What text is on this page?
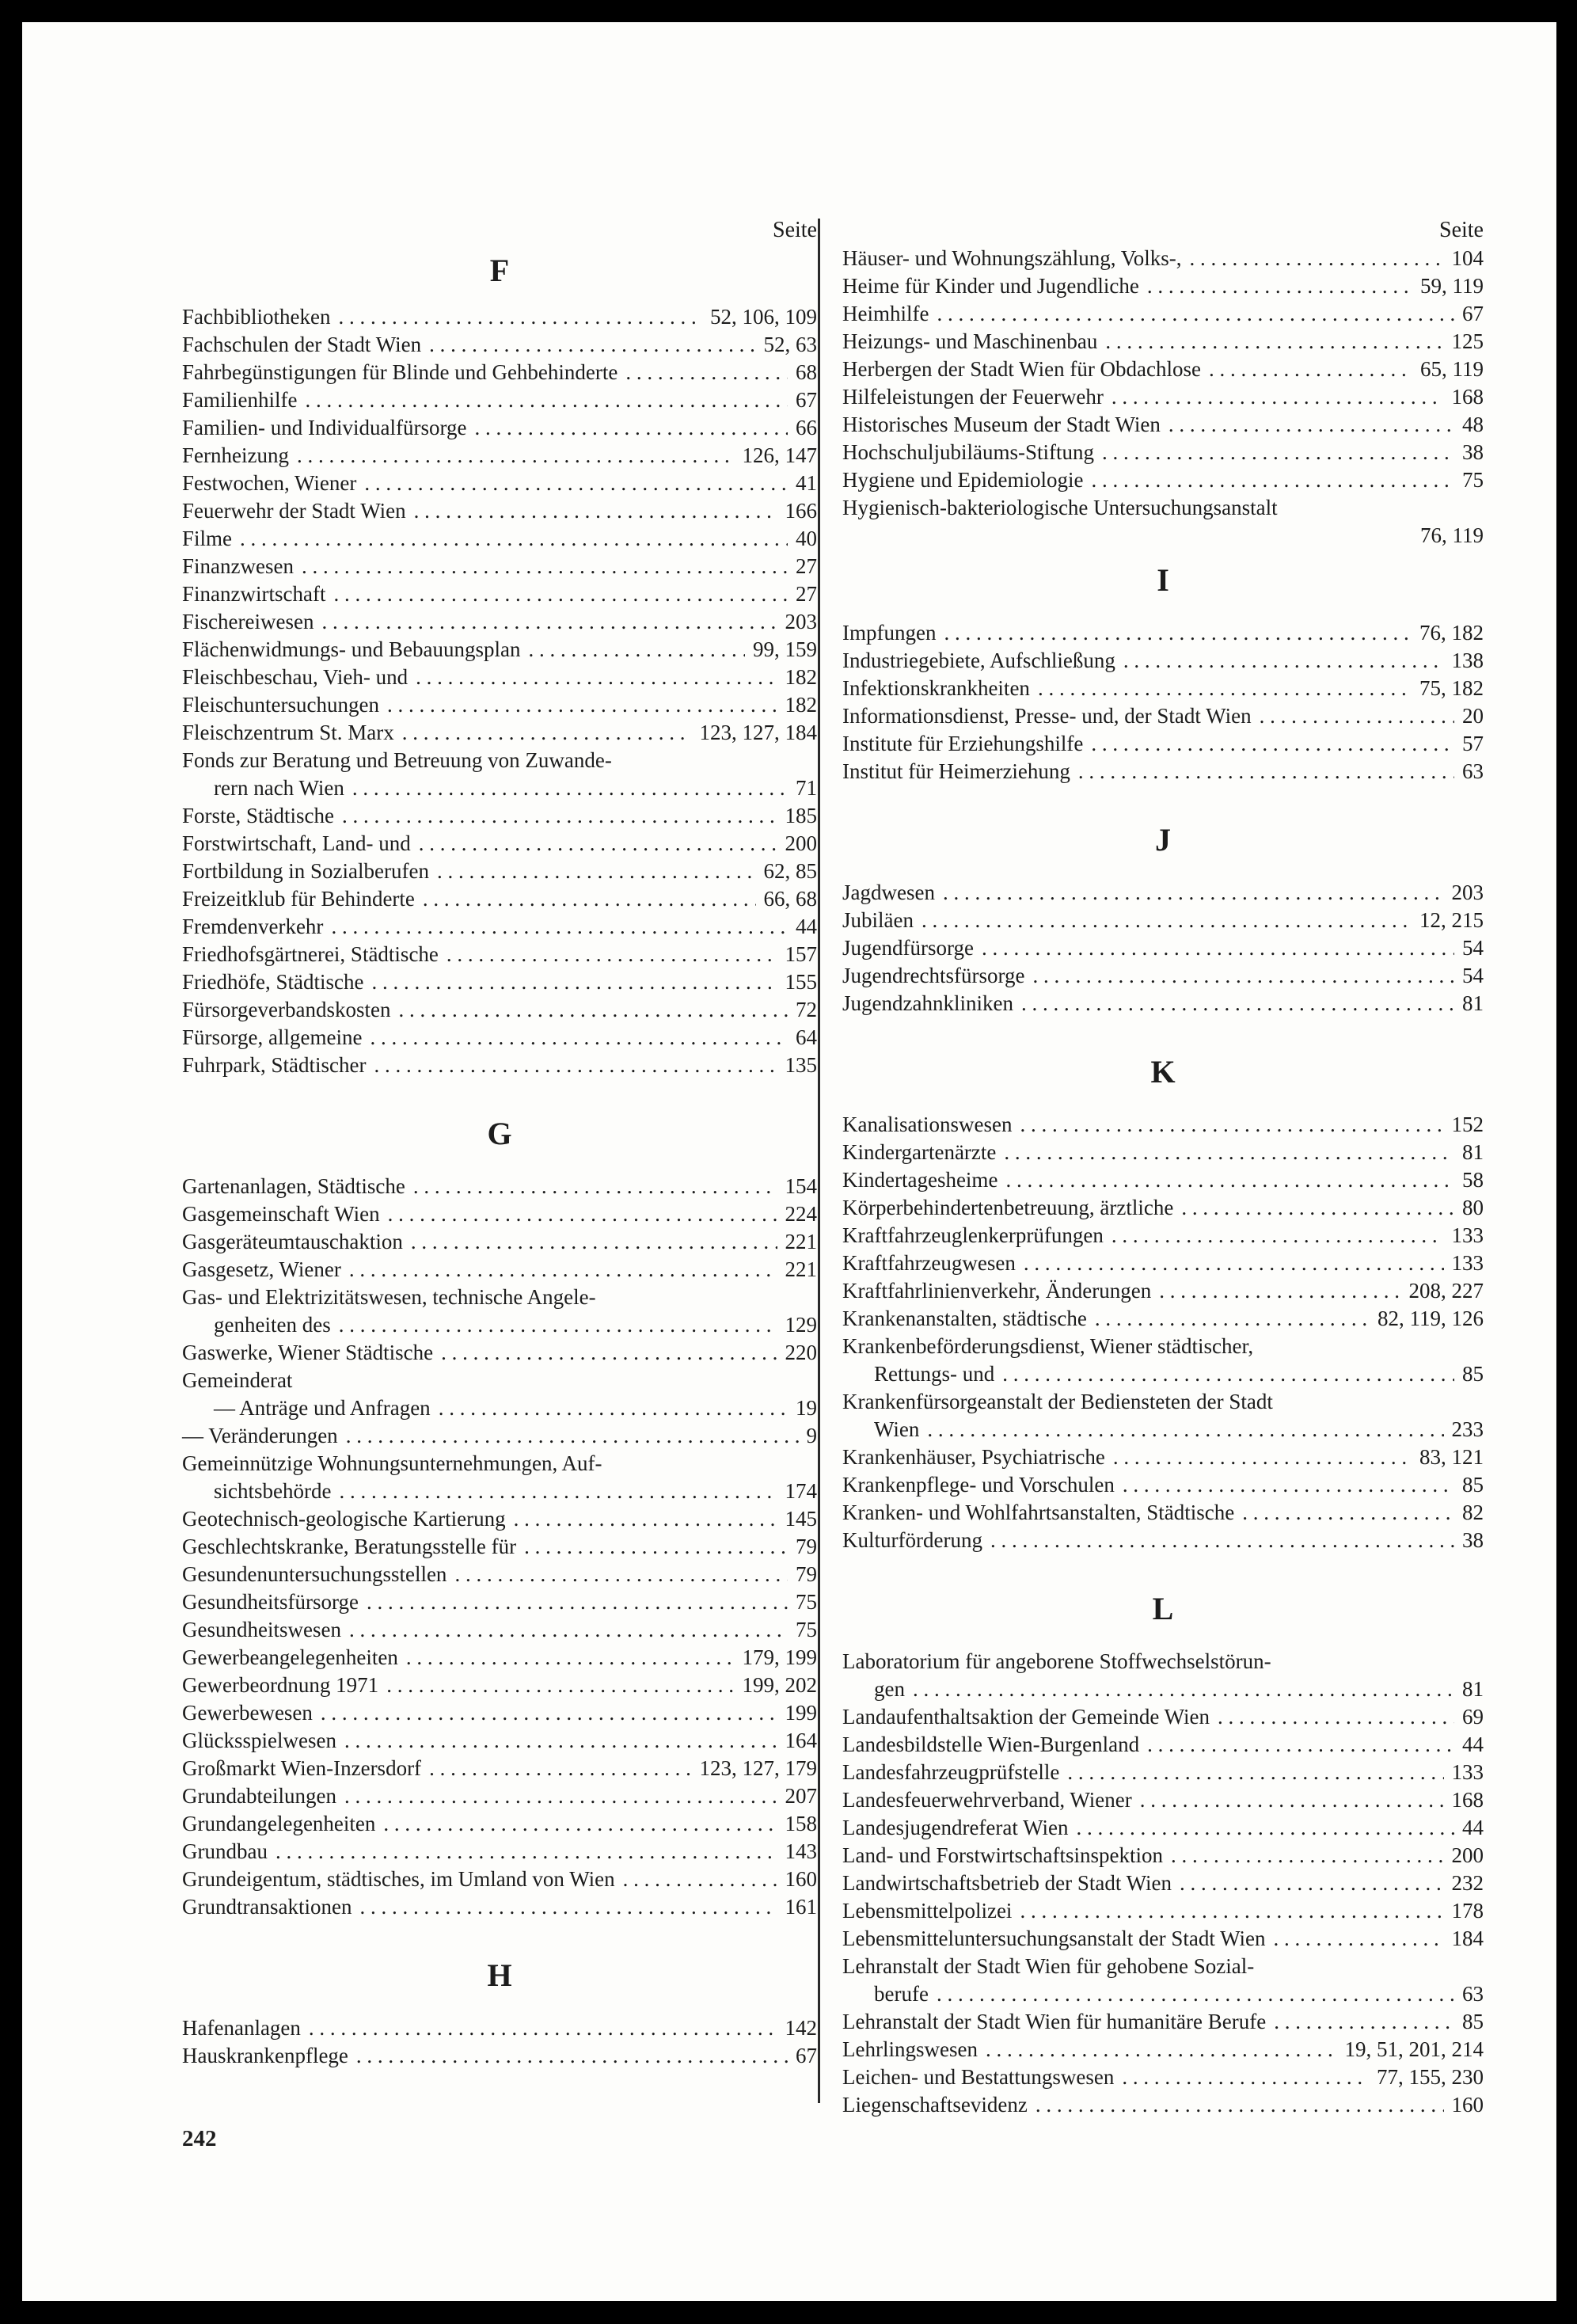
Seite
F
Fachbibliotheken . . .	52, 106, 109
Fachschulen der Stadt Wien . . .	52, 63
Fahrbegünstigungen für Blinde und Gehbehinderte . . .	68
Familienhilfe . . .	67
Familien- und Individualfürsorge . . .	66
Fernheizung . . .	126, 147
Festwochen, Wiener . . .	41
Feuerwehr der Stadt Wien . . .	166
Filme . . .	40
Finanzwesen . . .	27
Finanzwirtschaft . . .	27
Fischereiwesen . . .	203
Flächenwidmungs- und Bebauungsplan . . .	99, 159
Fleischbeschau, Vieh- und . . .	182
Fleischuntersuchungen . . .	182
Fleischzentrum St. Marx . . .	123, 127, 184
Fonds zur Beratung und Betreuung von Zuwande-
rern nach Wien . . .	71
Forste, Städtische . . .	185
Forstwirtschaft, Land- und . . .	200
Fortbildung in Sozialberufen . . .	62, 85
Freizeitklub für Behinderte . . .	66, 68
Fremdenverkehr . . .	44
Friedhofsgärtnerei, Städtische . . .	157
Friedhöfe, Städtische . . .	155
Fürsorgeverbandskosten . . .	72
Fürsorge, allgemeine . . .	64
Fuhrpark, Städtischer . . .	135
G
Gartenanlagen, Städtische . . .	154
Gasgemeinschaft Wien . . .	224
Gasgeräteumtauschaktion . . .	221
Gasgesetz, Wiener . . .	221
Gas- und Elektrizitätswesen, technische Angele-
genheiten des . . .	129
Gaswerke, Wiener Städtische . . .	220
Gemeinderat
— Anträge und Anfragen . . .	19
— Veränderungen . . .	9
Gemeinnützige Wohnungsunternehmungen, Auf-
sichtsbehörde . . .	174
Geotechnisch-geologische Kartierung . . .	145
Geschlechtskranke, Beratungsstelle für . . .	79
Gesundenuntersuchungsstellen . . .	79
Gesundheitsfürsorge . . .	75
Gesundheitswesen . . .	75
Gewerbeangelegenheiten . . .	179, 199
Gewerbeordnung 1971 . . .	199, 202
Gewerbewesen . . .	199
Glücksspielwesen . . .	164
Großmarkt Wien-Inzersdorf . . .	123, 127, 179
Grundabteilungen . . .	207
Grundangelegenheiten . . .	158
Grundbau . . .	143
Grundeigentum, städtisches, im Umland von Wien . . .	160
Grundtransaktionen . . .	161
H
Hafenanlagen . . .	142
Hauskrankenpflege . . .	67
Seite
Häuser- und Wohnungszählung, Volks-, . . .	104
Heime für Kinder und Jugendliche . . .	59, 119
Heimhilfe . . .	67
Heizungs- und Maschinenbau . . .	125
Herbergen der Stadt Wien für Obdachlose . . .	65, 119
Hilfeleistungen der Feuerwehr . . .	168
Historisches Museum der Stadt Wien . . .	48
Hochschuljubiläums-Stiftung . . .	38
Hygiene und Epidemiologie . . .	75
Hygienisch-bakteriologische Untersuchungsanstalt
76, 119
I
Impfungen . . .	76, 182
Industriegebiete, Aufschließung . . .	138
Infektionskrankheiten . . .	75, 182
Informationsdienst, Presse- und, der Stadt Wien . . .	20
Institute für Erziehungshilfe . . .	57
Institut für Heimerziehung . . .	63
J
Jagdwesen . . .	203
Jubiläen . . .	12, 215
Jugendfürsorge . . .	54
Jugendrechtsfürsorge . . .	54
Jugendzahnkliniken . . .	81
K
Kanalisationswesen . . .	152
Kindergartenärzte . . .	81
Kindertagesheime . . .	58
Körperbehindertenbetreuung, ärztliche . . .	80
Kraftfahrzeuglenkerprüfungen . . .	133
Kraftfahrzeugwesen . . .	133
Kraftfahrlinienverkehr, Änderungen . . .	208, 227
Krankenanstalten, städtische . . .	82, 119, 126
Krankenbeförderungsdienst, Wiener städtischer,
Rettungs- und . . .	85
Krankenfürsorgeanstalt der Bediensteten der Stadt
Wien . . .	233
Krankenhäuser, Psychiatrische . . .	83, 121
Krankenpflege- und Vorschulen . . .	85
Kranken- und Wohlfahrtsanstalten, Städtische . . .	82
Kulturförderung . . .	38
L
Laboratorium für angeborene Stoffwechselstörun-
gen . . .	81
Landaufenthaltsaktion der Gemeinde Wien . . .	69
Landesbildstelle Wien-Burgenland . . .	44
Landesfahrzeugprüfstelle . . .	133
Landesfeuerwehrverband, Wiener . . .	168
Landesjugendreferat Wien . . .	44
Land- und Forstwirtschaftsinspektion . . .	200
Landwirtschaftsbetrieb der Stadt Wien . . .	232
Lebensmittelpolizei . . .	178
Lebensmitteluntersuchungsanstalt der Stadt Wien . . .	184
Lehranstalt der Stadt Wien für gehobene Sozial-
berufe . . .	63
Lehranstalt der Stadt Wien für humanitäre Berufe . . .	85
Lehrlingswesen . . .	19, 51, 201, 214
Leichen- und Bestattungswesen . . .	77, 155, 230
Liegenschaftsevidenz . . .	160
242
